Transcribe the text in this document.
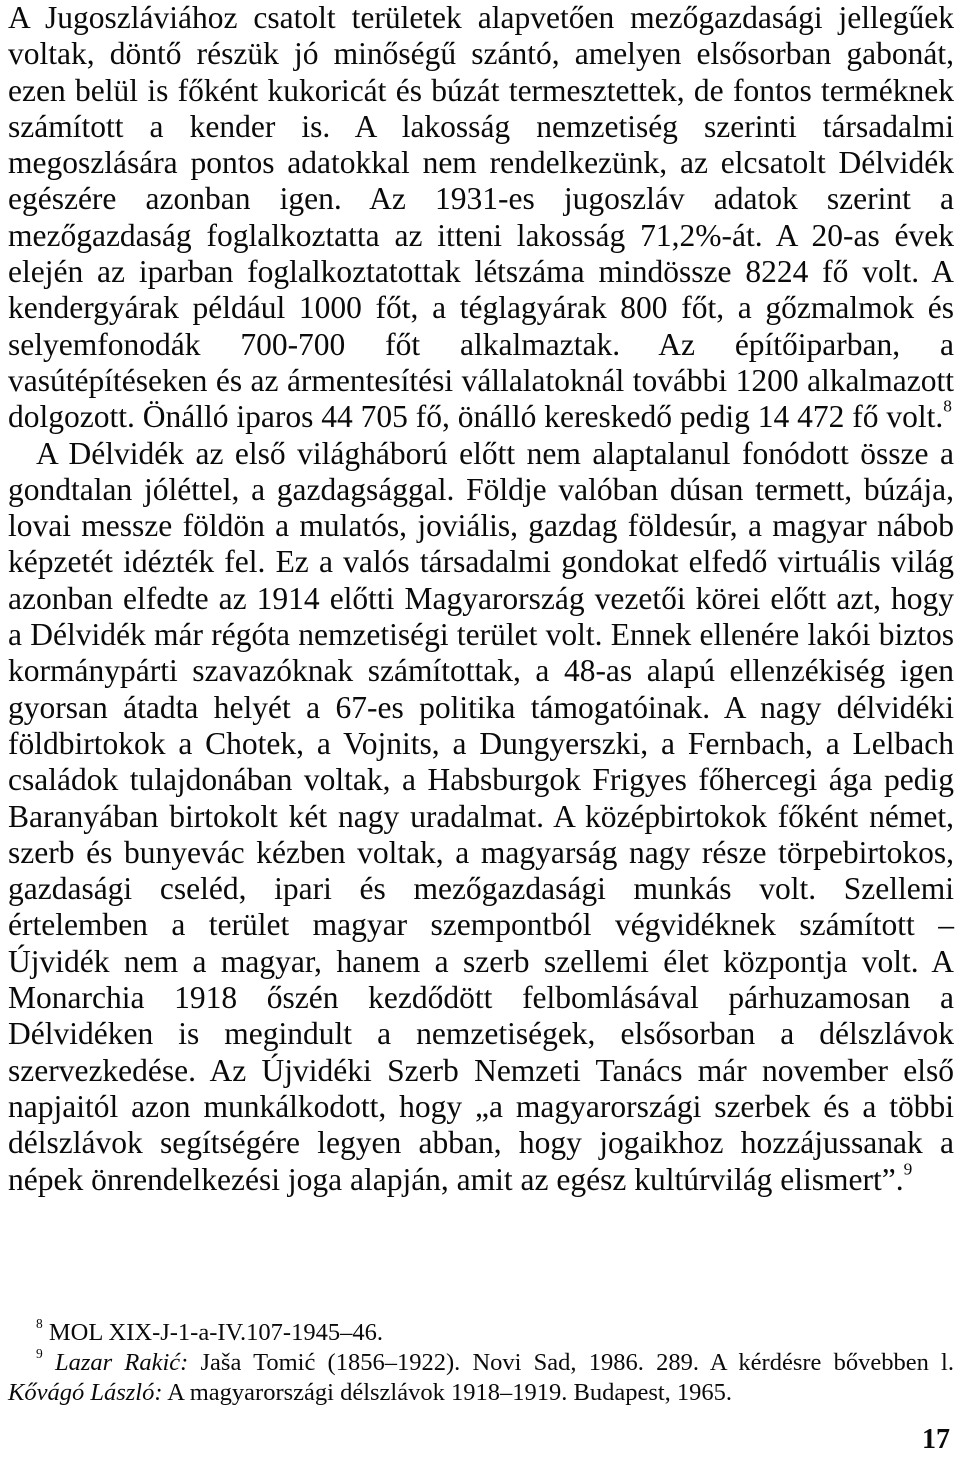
A Jugoszláviához csatolt területek alapvetően mezőgazdasági jellegűek voltak, döntő részük jó minőségű szántó, amelyen elsősorban gabonát, ezen belül is főként kukoricát és búzát termesztettek, de fontos terméknek számított a kender is. A lakosság nemzetiség szerinti társadalmi megoszlására pontos adatokkal nem rendelkezünk, az elcsatolt Délvidék egészére azonban igen. Az 1931-es jugoszláv adatok szerint a mezőgazdaság foglalkoztatta az itteni lakosság 71,2%-át. A 20-as évek elején az iparban foglalkoztatottak létszáma mindössze 8224 fő volt. A kendergyárak például 1000 főt, a téglagyárak 800 főt, a gőzmalmok és selyemfonodák 700-700 főt alkalmaztak. Az építőiparban, a vasútépítéseken és az ármentesítési vállalatoknál további 1200 alkalmazott dolgozott. Önálló iparos 44 705 fő, önálló kereskedő pedig 14 472 fő volt.$^8$

A Délvidék az első világháború előtt nem alaptalanul fonódott össze a gondtalan jóléttel, a gazdagsággal. Földje valóban dúsan termett, búzája, lovai messze földön a mulatós, joviális, gazdag földesúr, a magyar nábob képzetét idézték fel. Ez a valós társadalmi gondokat elfedő virtuális világ azonban elfedte az 1914 előtti Magyarország vezetői körei előtt azt, hogy a Délvidék már régóta nemzetiségi terület volt. Ennek ellenére lakói biztos kormánypárti szavazóknak számítottak, a 48-as alapú ellenzékiség igen gyorsan átadta helyét a 67-es politika támogatóinak. A nagy délvidéki földbirtokok a Chotek, a Vojnits, a Dungyerszki, a Fernbach, a Lelbach családok tulajdonában voltak, a Habsburgok Frigyes főhercegi ága pedig Baranyában birtokolt két nagy uradalmat. A középbirtokok főként német, szerb és bunyevác kézben voltak, a magyarság nagy része törpebirtokos, gazdasági cseléd, ipari és mezőgazdasági munkás volt. Szellemi értelemben a terület magyar szempontból végvidéknek számított – Újvidék nem a magyar, hanem a szerb szellemi élet központja volt. A Monarchia 1918 őszén kezdődött felbomlásával párhuzamosan a Délvidéken is megindult a nemzetiségek, elsősorban a délszlávok szervezkedése. Az Újvidéki Szerb Nemzeti Tanács már november első napjaitól azon munkálkodott, hogy „a magyarországi szerbek és a többi délszlávok segítségére legyen abban, hogy jogaikhoz hozzájussanak a népek önrendelkezési joga alapján, amit az egész kultúrvilág elismert”.$^9$

$^8$ MOL XIX-J-1-a-IV.107-1945–46.

$^9$ Lazar Rakić: Jaša Tomić (1856–1922). Novi Sad, 1986. 289. A kérdésre bővebben l. Kővágó László: A magyarországi délszlávok 1918–1919. Budapest, 1965.

17
